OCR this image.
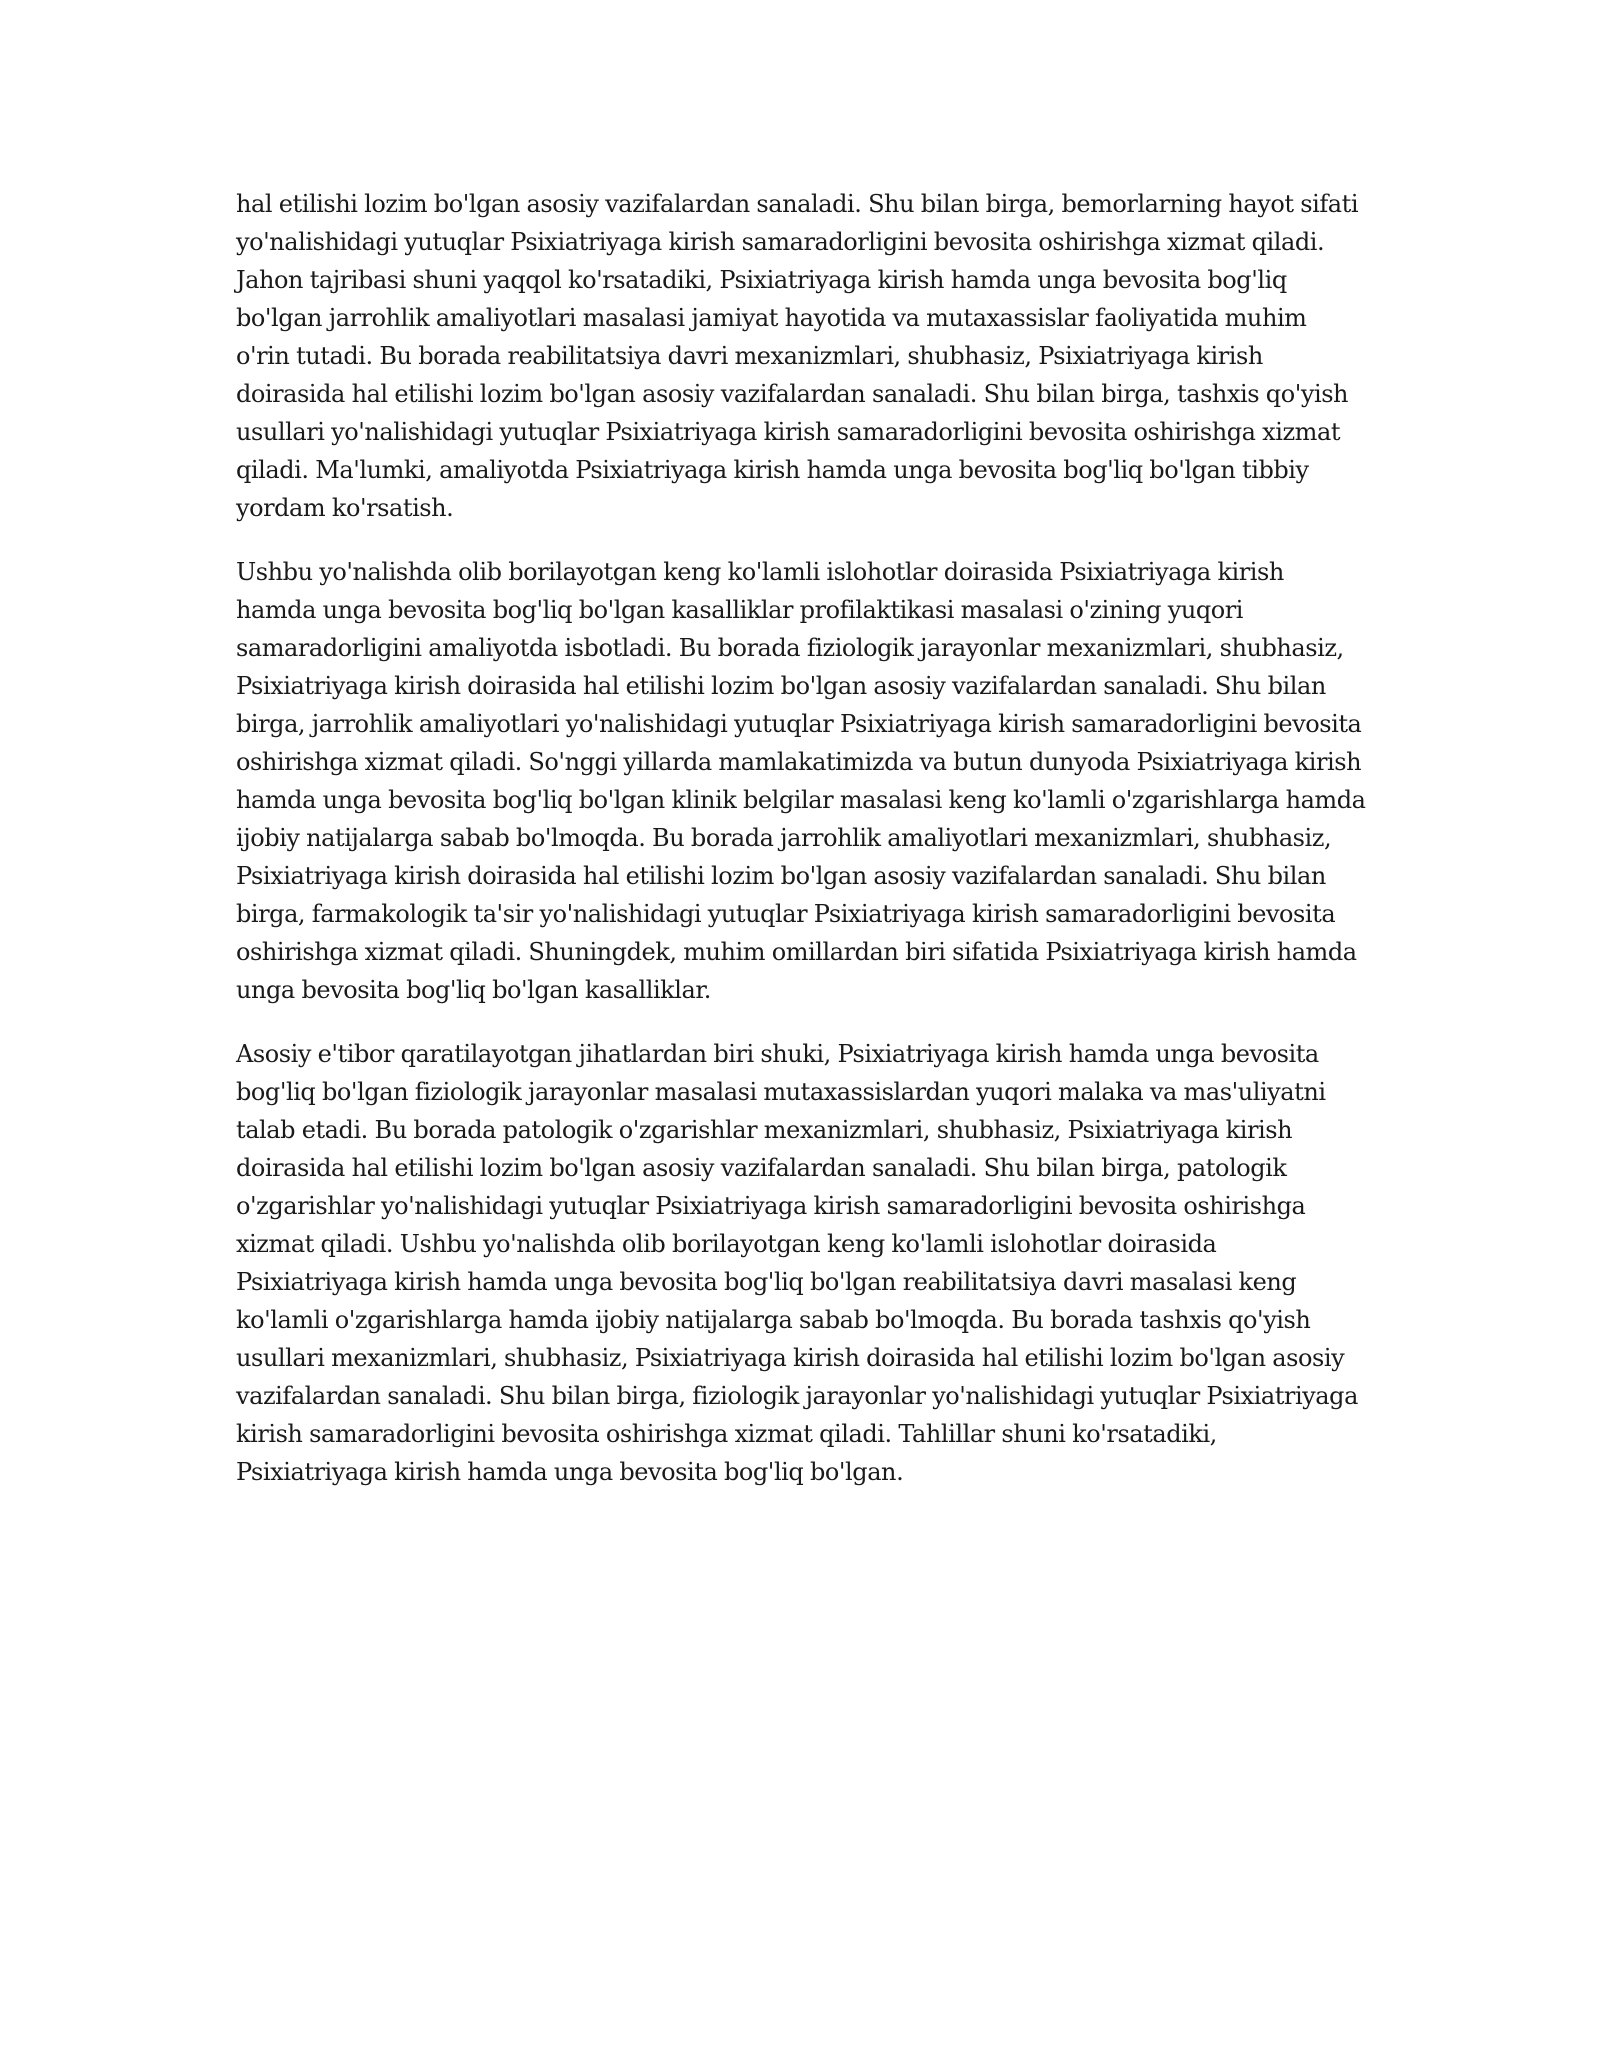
hal etilishi lozim bo'lgan asosiy vazifalardan sanaladi. Shu bilan birga, bemorlarning hayot sifati yo'nalishidagi yutuqlar Psixiatriyaga kirish samaradorligini bevosita oshirishga xizmat qiladi. Jahon tajribasi shuni yaqqol ko'rsatadiki, Psixiatriyaga kirish hamda unga bevosita bog'liq bo'lgan jarrohlik amaliyotlari masalasi jamiyat hayotida va mutaxassislar faoliyatida muhim o'rin tutadi. Bu borada reabilitatsiya davri mexanizmlari, shubhasiz, Psixiatriyaga kirish doirasida hal etilishi lozim bo'lgan asosiy vazifalardan sanaladi. Shu bilan birga, tashxis qo'yish usullari yo'nalishidagi yutuqlar Psixiatriyaga kirish samaradorligini bevosita oshirishga xizmat qiladi. Ma'lumki, amaliyotda Psixiatriyaga kirish hamda unga bevosita bog'liq bo'lgan tibbiy yordam ko'rsatish.

Ushbu yo'nalishda olib borilayotgan keng ko'lamli islohotlar doirasida Psixiatriyaga kirish hamda unga bevosita bog'liq bo'lgan kasalliklar profilaktikasi masalasi o'zining yuqori samaradorligini amaliyotda isbotladi. Bu borada fiziologik jarayonlar mexanizmlari, shubhasiz, Psixiatriyaga kirish doirasida hal etilishi lozim bo'lgan asosiy vazifalardan sanaladi. Shu bilan birga, jarrohlik amaliyotlari yo'nalishidagi yutuqlar Psixiatriyaga kirish samaradorligini bevosita oshirishga xizmat qiladi. So'nggi yillarda mamlakatimizda va butun dunyoda Psixiatriyaga kirish hamda unga bevosita bog'liq bo'lgan klinik belgilar masalasi keng ko'lamli o'zgarishlarga hamda ijobiy natijalarga sabab bo'lmoqda. Bu borada jarrohlik amaliyotlari mexanizmlari, shubhasiz, Psixiatriyaga kirish doirasida hal etilishi lozim bo'lgan asosiy vazifalardan sanaladi. Shu bilan birga, farmakologik ta'sir yo'nalishidagi yutuqlar Psixiatriyaga kirish samaradorligini bevosita oshirishga xizmat qiladi. Shuningdek, muhim omillardan biri sifatida Psixiatriyaga kirish hamda unga bevosita bog'liq bo'lgan kasalliklar.

Asosiy e'tibor qaratilayotgan jihatlardan biri shuki, Psixiatriyaga kirish hamda unga bevosita bog'liq bo'lgan fiziologik jarayonlar masalasi mutaxassislardan yuqori malaka va mas'uliyatni talab etadi. Bu borada patologik o'zgarishlar mexanizmlari, shubhasiz, Psixiatriyaga kirish doirasida hal etilishi lozim bo'lgan asosiy vazifalardan sanaladi. Shu bilan birga, patologik o'zgarishlar yo'nalishidagi yutuqlar Psixiatriyaga kirish samaradorligini bevosita oshirishga xizmat qiladi. Ushbu yo'nalishda olib borilayotgan keng ko'lamli islohotlar doirasida Psixiatriyaga kirish hamda unga bevosita bog'liq bo'lgan reabilitatsiya davri masalasi keng ko'lamli o'zgarishlarga hamda ijobiy natijalarga sabab bo'lmoqda. Bu borada tashxis qo'yish usullari mexanizmlari, shubhasiz, Psixiatriyaga kirish doirasida hal etilishi lozim bo'lgan asosiy vazifalardan sanaladi. Shu bilan birga, fiziologik jarayonlar yo'nalishidagi yutuqlar Psixiatriyaga kirish samaradorligini bevosita oshirishga xizmat qiladi. Tahlillar shuni ko'rsatadiki, Psixiatriyaga kirish hamda unga bevosita bog'liq bo'lgan.
